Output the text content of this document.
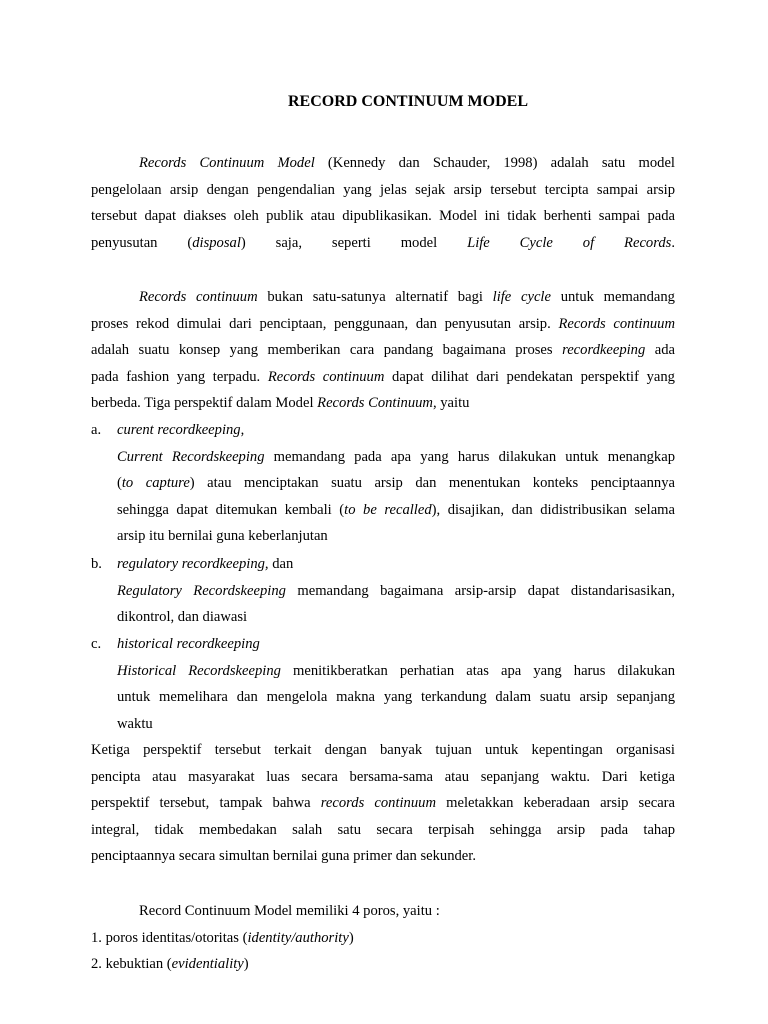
RECORD CONTINUUM MODEL
Records Continuum Model (Kennedy dan Schauder, 1998) adalah satu model
pengelolaan arsip dengan pengendalian yang jelas sejak arsip tersebut tercipta sampai arsip
tersebut dapat diakses oleh publik atau dipublikasikan. Model ini tidak berhenti sampai pada
penyusutan (disposal) saja, seperti model Life Cycle of Records.
Records continuum bukan satu-satunya alternatif bagi life cycle untuk memandang
proses rekod dimulai dari penciptaan, penggunaan, dan penyusutan arsip. Records continuum
adalah suatu konsep yang memberikan cara pandang bagaimana proses recordkeeping ada
pada fashion yang terpadu. Records continuum dapat dilihat dari pendekatan perspektif yang
berbeda. Tiga perspektif dalam Model Records Continuum, yaitu
a.	curent recordkeeping,
Current Recordskeeping memandang pada apa yang harus dilakukan untuk menangkap
(to capture) atau menciptakan suatu arsip dan menentukan konteks penciptaannya
sehingga dapat ditemukan kembali (to be recalled), disajikan, dan didistribusikan selama
arsip itu bernilai guna keberlanjutan
b.	regulatory recordkeeping, dan
Regulatory Recordskeeping memandang bagaimana arsip-arsip dapat distandarisasikan,
dikontrol, dan diawasi
c.	historical recordkeeping
Historical Recordskeeping menitikberatkan perhatian atas apa yang harus dilakukan
untuk memelihara dan mengelola makna yang terkandung dalam suatu arsip sepanjang
waktu
Ketiga perspektif tersebut terkait dengan banyak tujuan untuk kepentingan organisasi
pencipta atau masyarakat luas secara bersama-sama atau sepanjang waktu. Dari ketiga
perspektif tersebut, tampak bahwa records continuum meletakkan keberadaan arsip secara
integral, tidak membedakan salah satu secara terpisah sehingga arsip pada tahap
penciptaannya secara simultan bernilai guna primer dan sekunder.
Record Continuum Model memiliki 4 poros, yaitu :
1. poros identitas/otoritas (identity/authority)
2. kebuktian (evidentiality)
